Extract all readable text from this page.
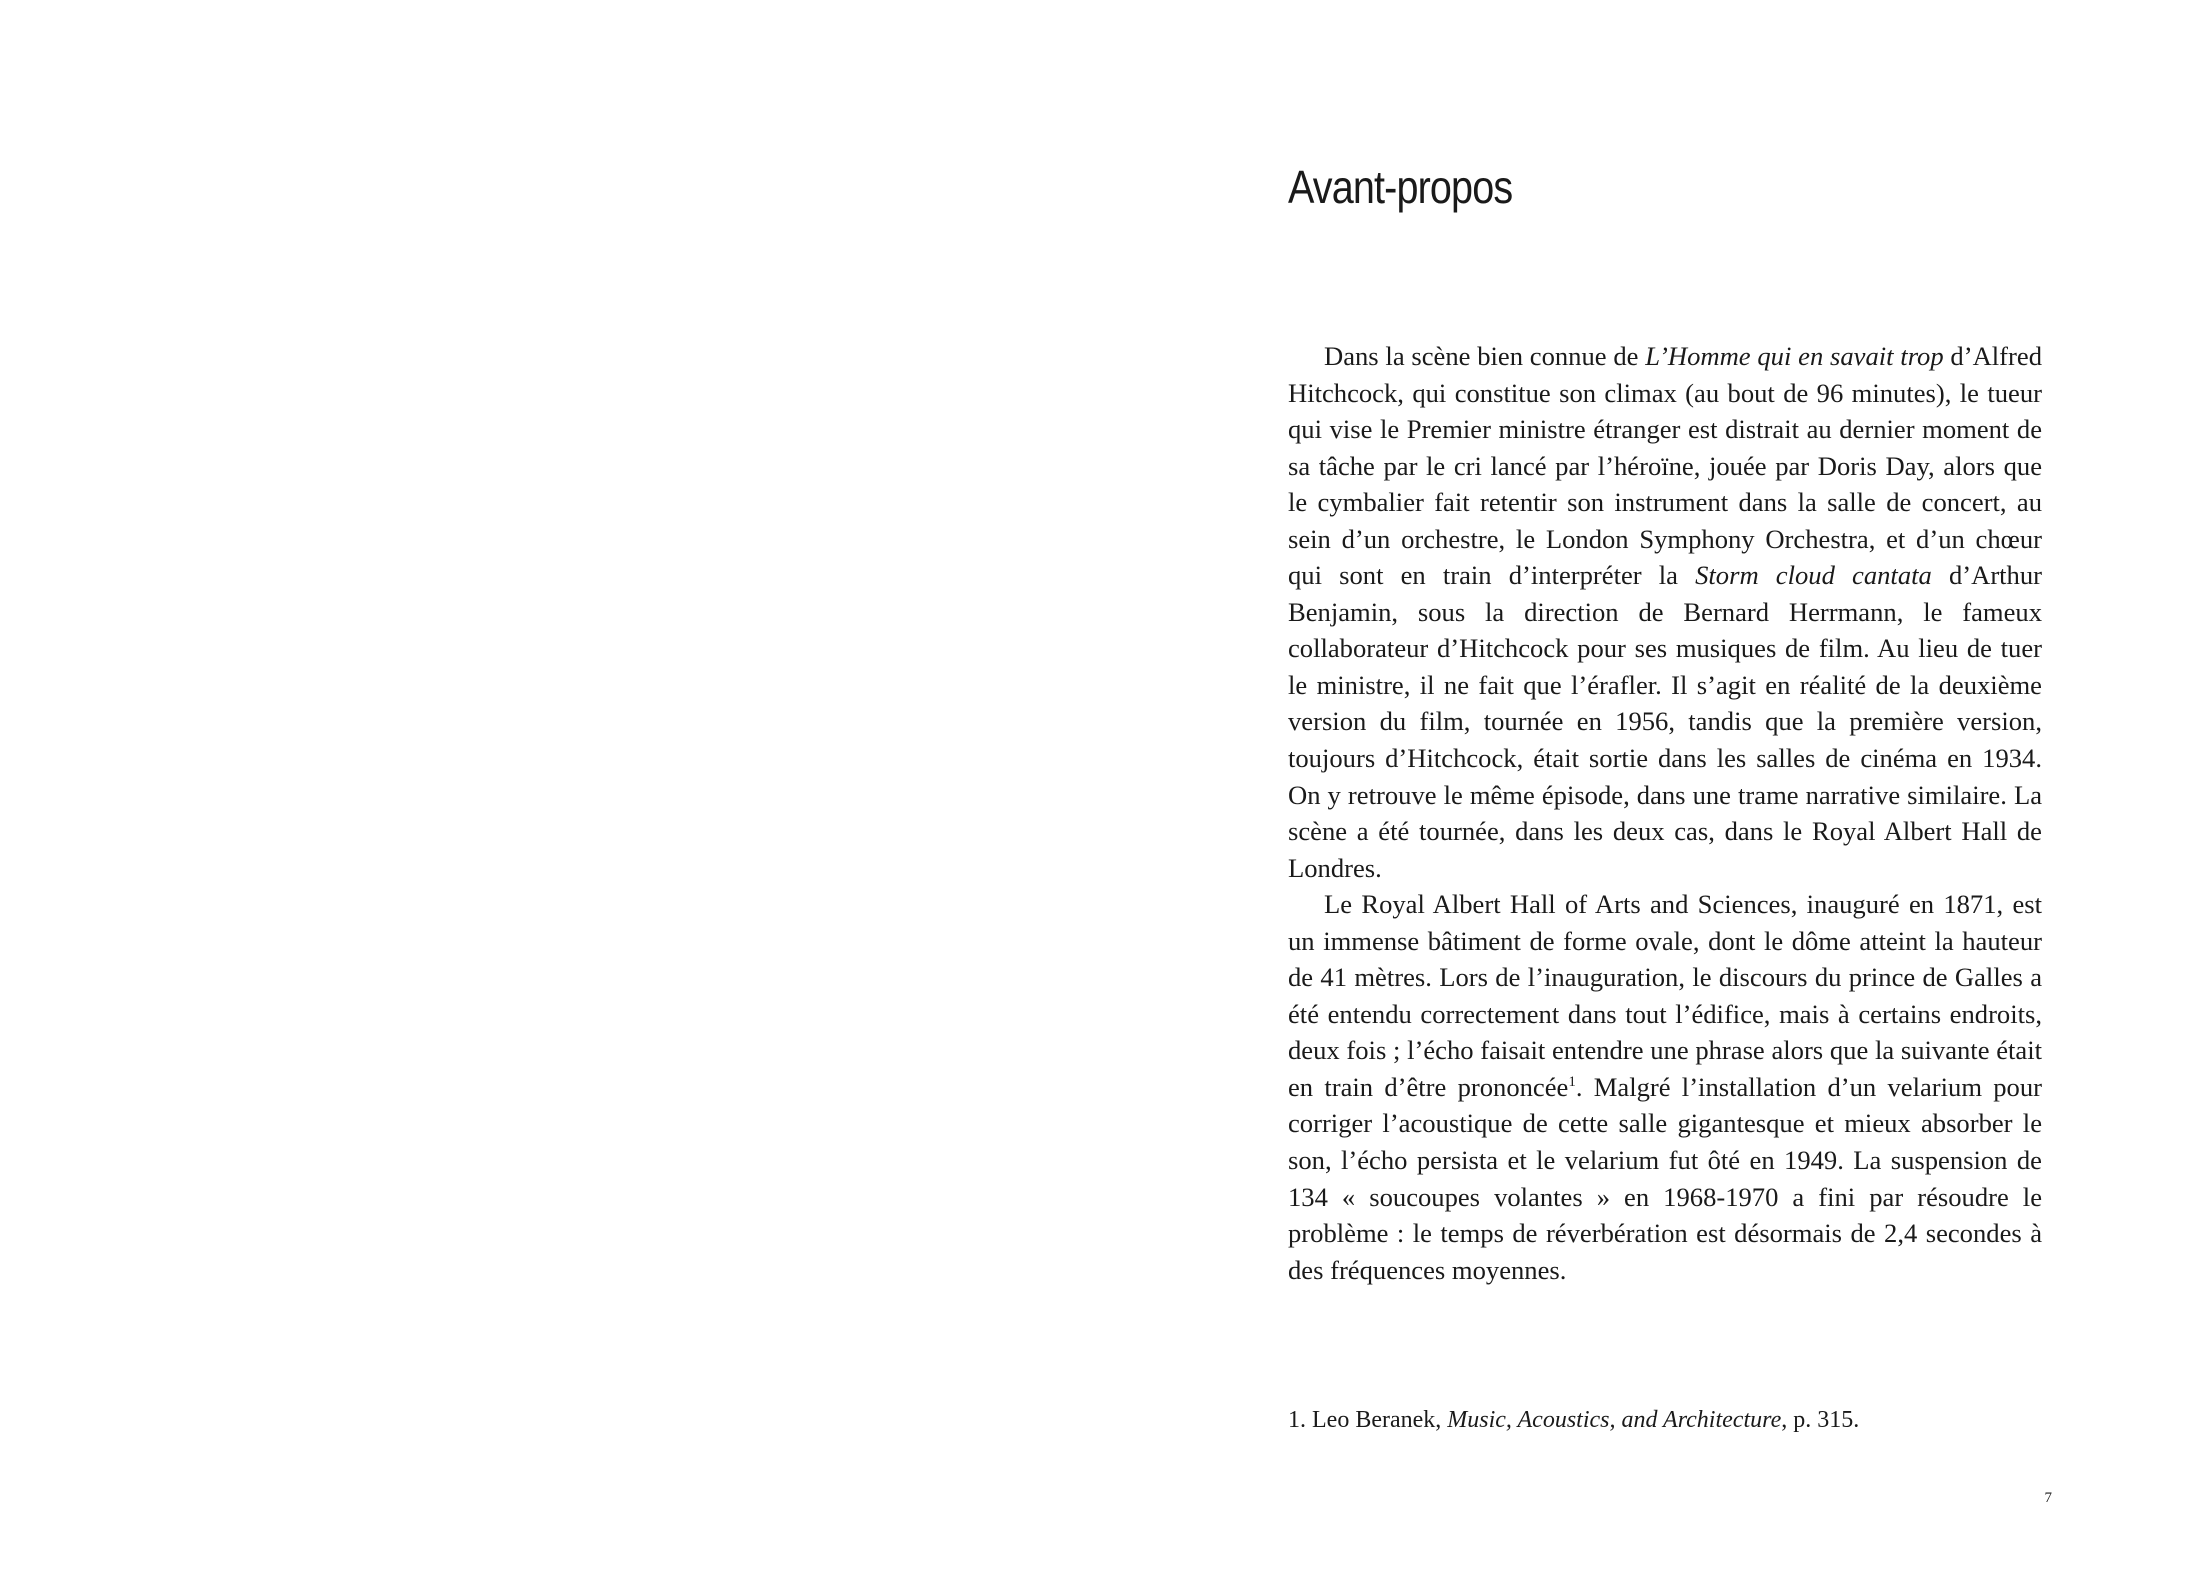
Avant-propos

Dans la scène bien connue de L’Homme qui en savait trop d’Alfred Hitchcock, qui constitue son climax (au bout de 96 minutes), le tueur qui vise le Premier ministre étranger est distrait au dernier moment de sa tâche par le cri lancé par l’héroïne, jouée par Doris Day, alors que le cymbalier fait retentir son instrument dans la salle de concert, au sein d’un orchestre, le London Symphony Orchestra, et d’un chœur qui sont en train d’interpréter la Storm cloud cantata d’Arthur Benjamin, sous la direction de Bernard Herrmann, le fameux collaborateur d’Hitchcock pour ses musiques de film. Au lieu de tuer le ministre, il ne fait que l’érafler. Il s’agit en réalité de la deuxième version du film, tournée en 1956, tandis que la première version, toujours d’Hitchcock, était sortie dans les salles de cinéma en 1934. On y retrouve le même épisode, dans une trame narrative similaire. La scène a été tournée, dans les deux cas, dans le Royal Albert Hall de Londres.

Le Royal Albert Hall of Arts and Sciences, inauguré en 1871, est un immense bâtiment de forme ovale, dont le dôme atteint la hauteur de 41 mètres. Lors de l’inauguration, le discours du prince de Galles a été entendu correctement dans tout l’édifice, mais à certains endroits, deux fois ; l’écho faisait entendre une phrase alors que la suivante était en train d’être prononcée$^1$. Malgré l’installation d’un velarium pour corriger l’acoustique de cette salle gigantesque et mieux absorber le son, l’écho persista et le velarium fut ôté en 1949. La suspension de 134 « soucoupes volantes » en 1968-1970 a fini par résoudre le problème : le temps de réverbération est désormais de 2,4 secondes à des fréquences moyennes.

1. Leo Beranek, Music, Acoustics, and Architecture, p. 315.

7
